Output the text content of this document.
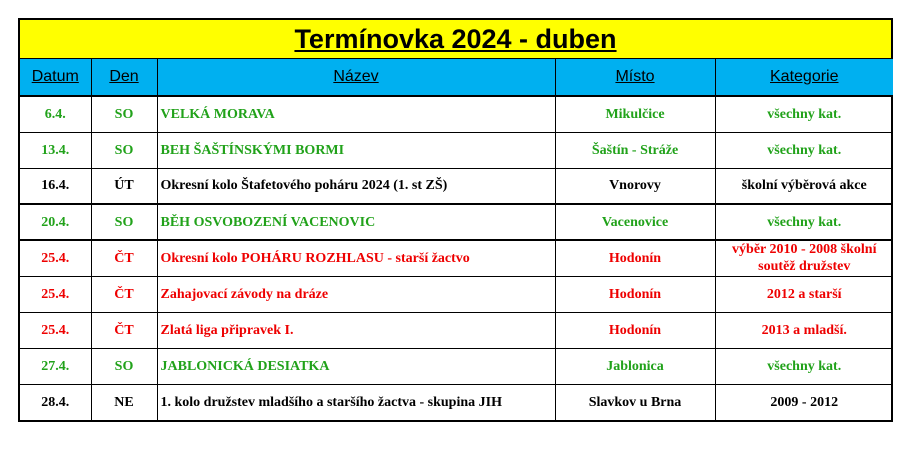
Termínovka 2024 - duben
Datum	Den	Název	Místo	Kategorie
6.4.	SO	VELKÁ MORAVA	Mikulčice	všechny kat.
13.4.	SO	BEH ŠAŠTÍNSKÝMI BORMI	Šaštín - Stráže	všechny kat.
16.4.	ÚT	Okresní kolo Štafetového poháru 2024 (1. st ZŠ)	Vnorovy	školní výběrová akce
20.4.	SO	BĚH OSVOBOZENÍ VACENOVIC	Vacenovice	všechny kat.
25.4.	ČT	Okresní kolo POHÁRU ROZHLASU - starší žactvo	Hodonín	výběr 2010 - 2008 školní soutěž družstev
25.4.	ČT	Zahajovací závody na dráze	Hodonín	2012 a starší
25.4.	ČT	Zlatá liga připravek I.	Hodonín	2013 a mladší.
27.4.	SO	JABLONICKÁ DESIATKA	Jablonica	všechny kat.
28.4.	NE	1. kolo družstev mladšího a staršího žactva - skupina JIH	Slavkov u Brna	2009 - 2012
